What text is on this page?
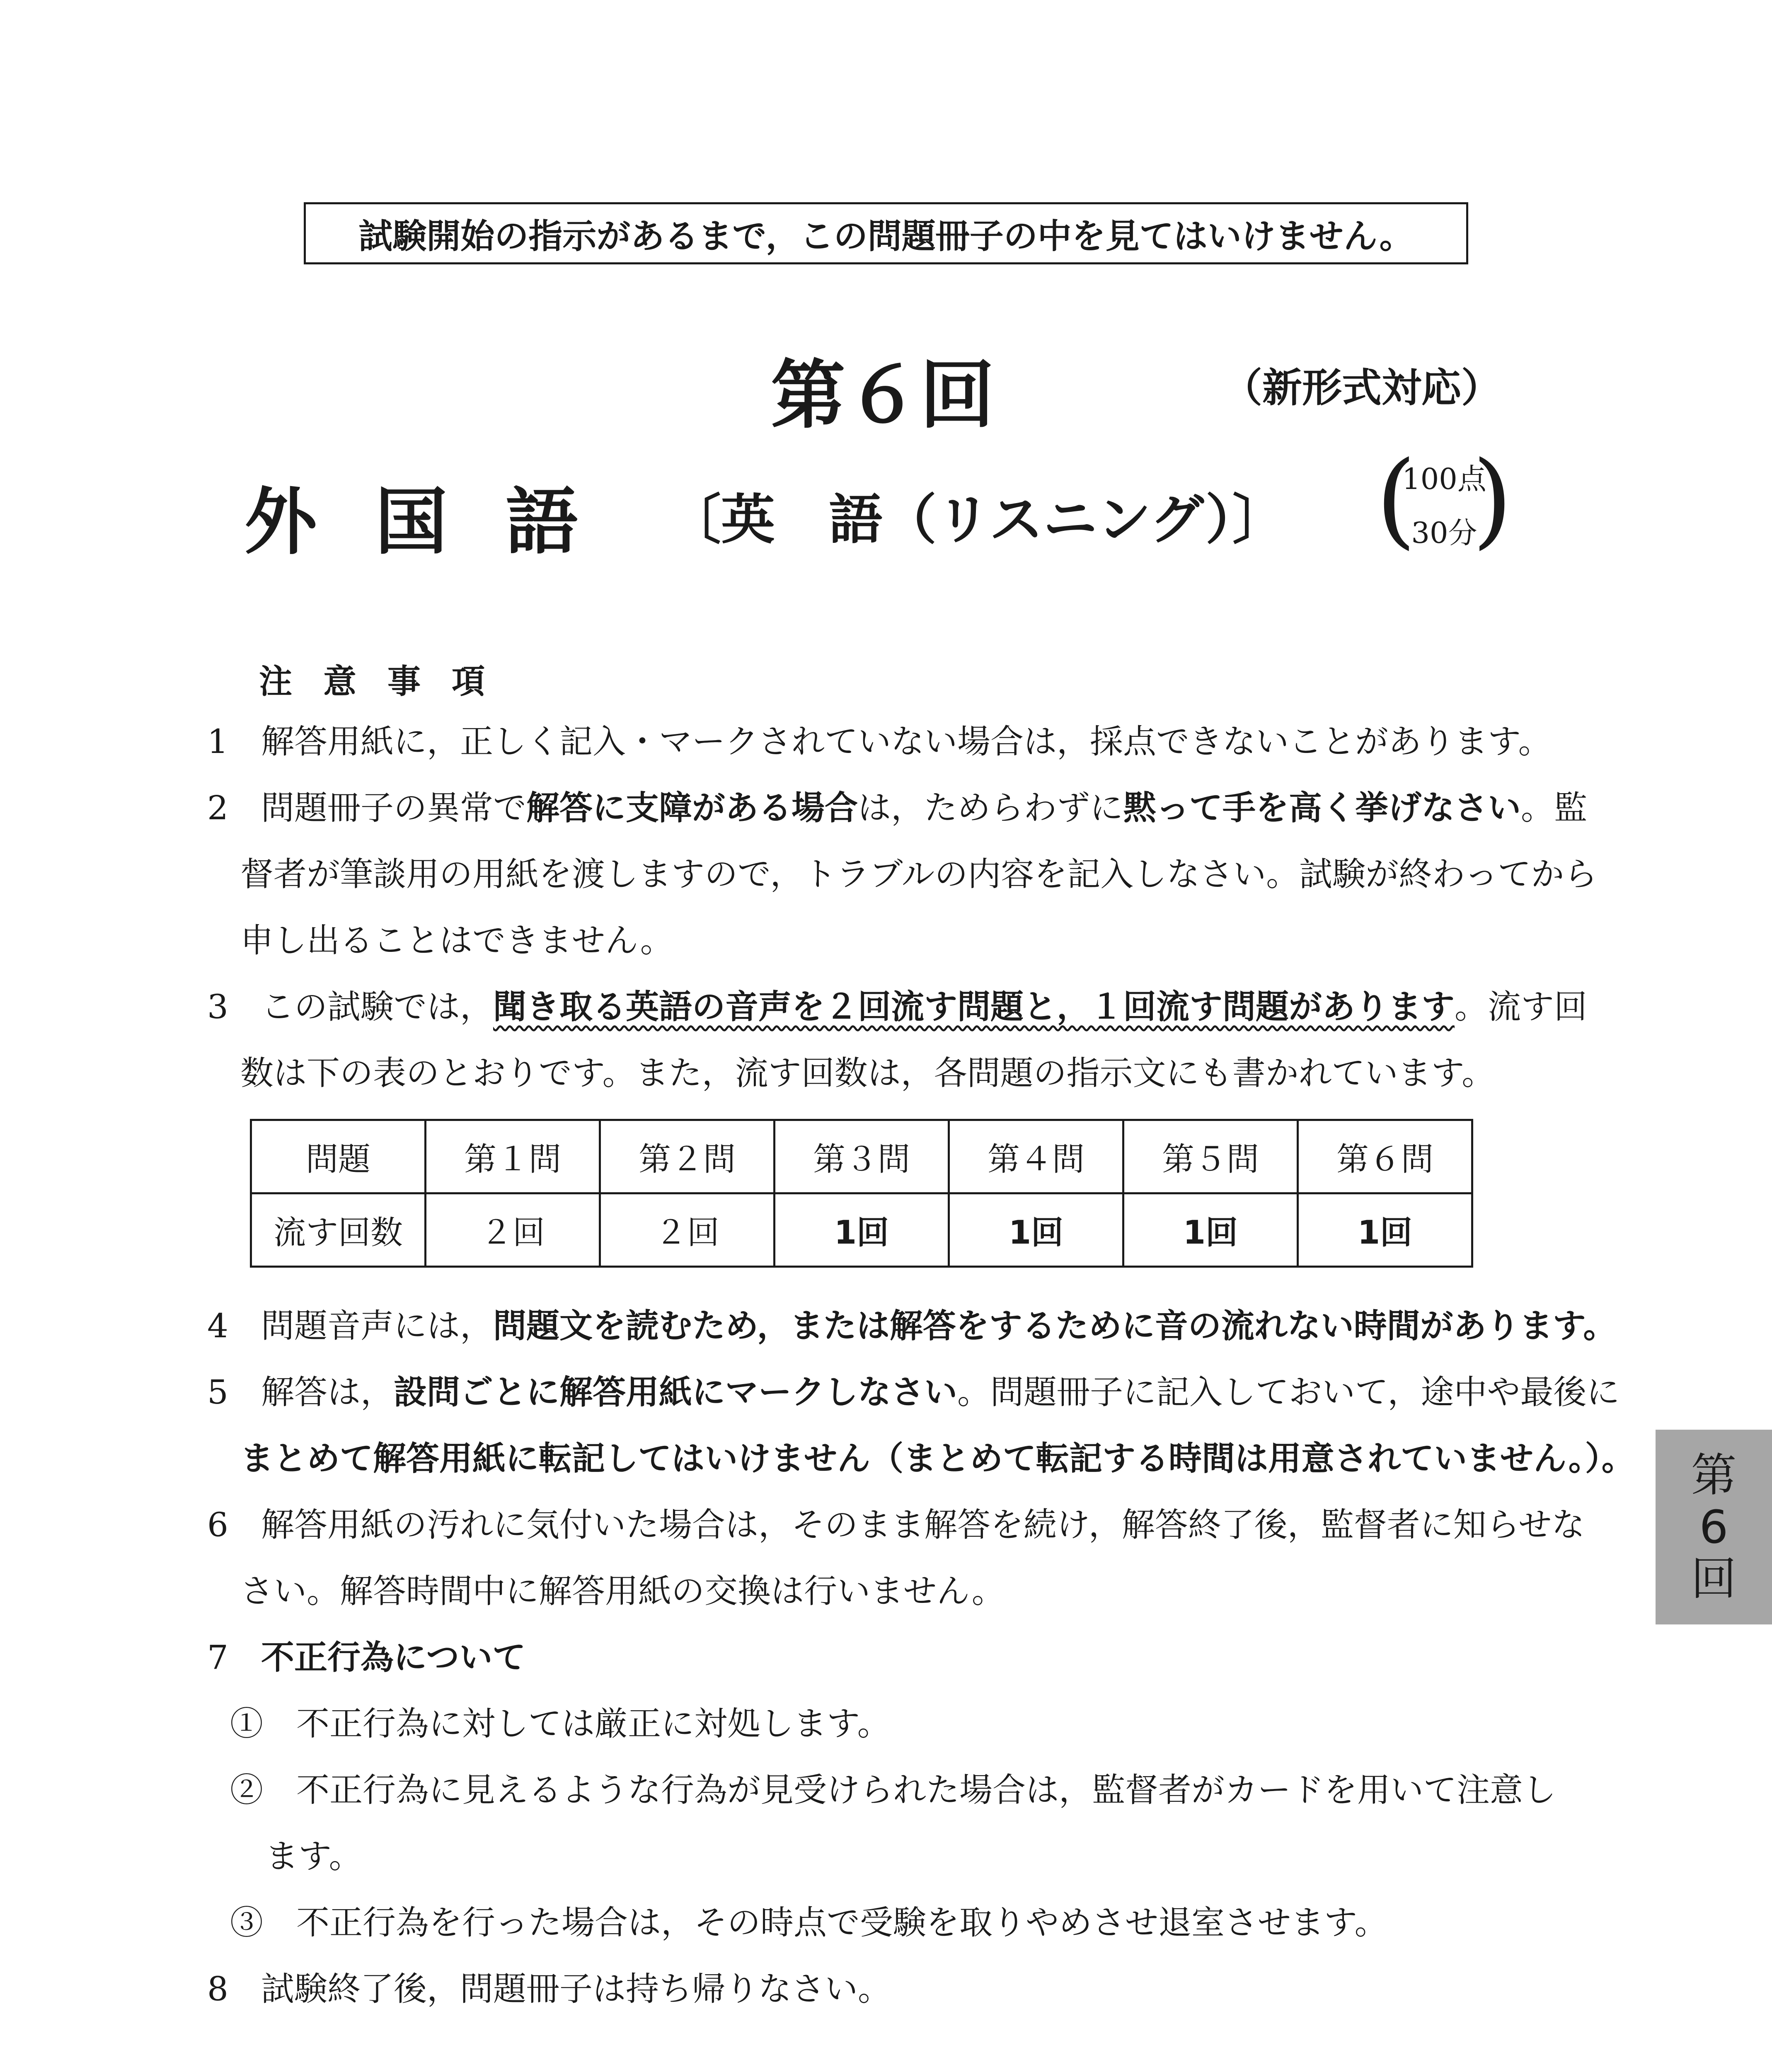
試験開始の指示があるまで，この問題冊子の中を見てはいけません。
第６回	（新形式対応）
外国語 〔英　語（リスニング）〕 ( )
100点
30分
注意事項
1 解答用紙に，正しく記入・マークされていない場合は，採点できないことがあります。
2 問題冊子の異常で解答に支障がある場合は，ためらわずに黙って手を高く挙げなさい。監
督者が筆談用の用紙を渡しますので，トラブルの内容を記入しなさい。試験が終わってから
申し出ることはできません。
3 この試験では，聞き取る英語の音声を２回流す問題と，１回流す問題があります。流す回
数は下の表のとおりです。また，流す回数は，各問題の指示文にも書かれています。
問題	第１問	第２問	第３問	第４問	第５問	第６問
流す回数	２回	２回	1回	1回	1回	1回
4 問題音声には，問題文を読むため，または解答をするために音の流れない時間があります。
5 解答は，設問ごとに解答用紙にマークしなさい。問題冊子に記入しておいて，途中や最後に
まとめて解答用紙に転記してはいけません（まとめて転記する時間は用意されていません。）。
6 解答用紙の汚れに気付いた場合は，そのまま解答を続け，解答終了後，監督者に知らせな
さい。解答時間中に解答用紙の交換は行いません。
7 不正行為について
①　不正行為に対しては厳正に対処します。
②　不正行為に見えるような行為が見受けられた場合は，監督者がカードを用いて注意し
ます。
③　不正行為を行った場合は，その時点で受験を取りやめさせ退室させます。
8 試験終了後，問題冊子は持ち帰りなさい。
第
6
回
